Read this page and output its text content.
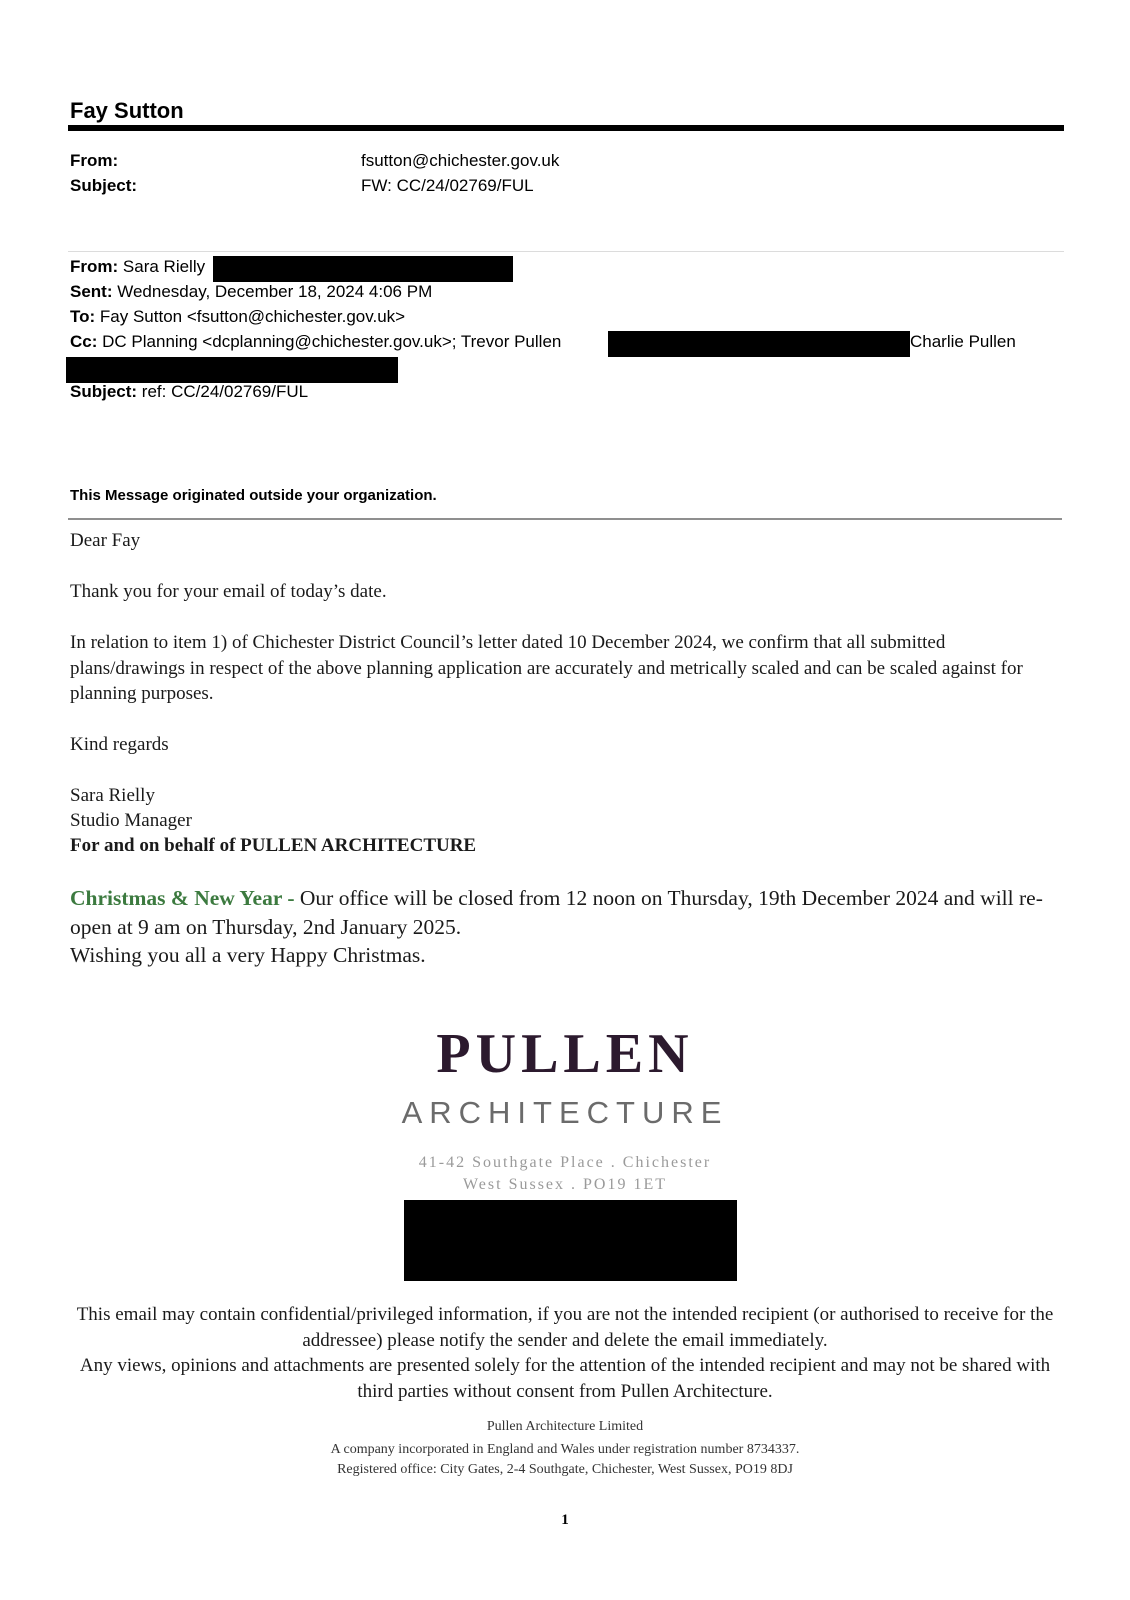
Fay Sutton
From:	fsutton@chichester.gov.uk
Subject:	FW: CC/24/02769/FUL
From: Sara Rielly
Sent: Wednesday, December 18, 2024 4:06 PM
To: Fay Sutton <fsutton@chichester.gov.uk>
Cc: DC Planning <dcplanning@chichester.gov.uk>; Trevor Pullen	Charlie Pullen
Subject: ref: CC/24/02769/FUL
This Message originated outside your organization.
Dear Fay
Thank you for your email of today’s date.
In relation to item 1) of Chichester District Council’s letter dated 10 December 2024, we confirm that all submitted plans/drawings in respect of the above planning application are accurately and metrically scaled and can be scaled against for planning purposes.
Kind regards
Sara Rielly
Studio Manager
For and on behalf of PULLEN ARCHITECTURE
Christmas & New Year - Our office will be closed from 12 noon on Thursday, 19th December 2024 and will re-open at 9 am on Thursday, 2nd January 2025.
Wishing you all a very Happy Christmas.
PULLEN
ARCHITECTURE
41-42 Southgate Place . Chichester
West Sussex . PO19 1ET
This email may contain confidential/privileged information, if you are not the intended recipient (or authorised to receive for the addressee) please notify the sender and delete the email immediately.
Any views, opinions and attachments are presented solely for the attention of the intended recipient and may not be shared with third parties without consent from Pullen Architecture.
Pullen Architecture Limited
A company incorporated in England and Wales under registration number 8734337.
Registered office: City Gates, 2-4 Southgate, Chichester, West Sussex, PO19 8DJ
1
